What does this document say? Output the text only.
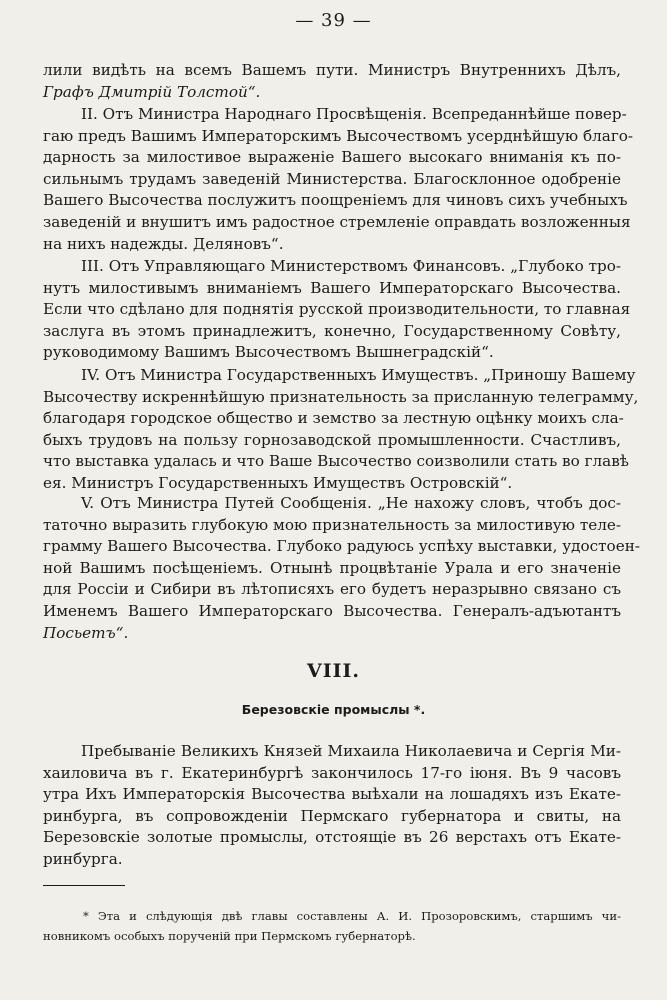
— 39 —
лили видѣть на всемъ Вашемъ пути. Министръ Внутреннихъ Дѣлъ,
Графъ Дмитрій Толстой“.
II. Отъ Министра Народнаго Просвѣщенія. Всепреданнѣйше повер-
гаю предъ Вашимъ Императорскимъ Высочествомъ усерднѣйшую благо-
дарность за милостивое выраженіе Вашего высокаго вниманія къ по-
сильнымъ трудамъ заведеній Министерства. Благосклонное одобреніе
Вашего Высочества послужитъ поощреніемъ для чиновъ сихъ учебныхъ
заведеній и внушитъ имъ радостное стремленіе оправдать возложенныя
на нихъ надежды. Деляновъ“.
III. Отъ Управляющаго Министерствомъ Финансовъ. „Глубоко тро-
нутъ милостивымъ вниманіемъ Вашего Императорскаго Высочества.
Если что сдѣлано для поднятія русской производительности, то главная
заслуга въ этомъ принадлежитъ, конечно, Государственному Совѣту,
руководимому Вашимъ Высочествомъ Вышнеградскій“.
IV. Отъ Министра Государственныхъ Имуществъ. „Приношу Вашему
Высочеству искреннѣйшую признательность за присланную телеграмму,
благодаря городское общество и земство за лестную оцѣнку моихъ сла-
быхъ трудовъ на пользу горнозаводской промышленности. Счастливъ,
что выставка удалась и что Ваше Высочество соизволили стать во главѣ
ея. Министръ Государственныхъ Имуществъ Островскій“.
V. Отъ Министра Путей Сообщенія. „Не нахожу словъ, чтобъ дос-
таточно выразить глубокую мою признательность за милостивую теле-
грамму Вашего Высочества. Глубоко радуюсь успѣху выставки, удостоен-
ной Вашимъ посѣщеніемъ. Отнынѣ процвѣтаніе Урала и его значеніе
для Россіи и Сибири въ лѣтописяхъ его будетъ неразрывно связано съ
Именемъ Вашего Императорскаго Высочества. Генералъ-адъютантъ
Посьетъ“.
VIII.
Березовскіе промыслы *.
Пребываніе Великихъ Князей Михаила Николаевича и Сергія Ми-
хаиловича въ г. Екатеринбургѣ закончилось 17-го іюня. Въ 9 часовъ
утра Ихъ Императорскія Высочества выѣхали на лошадяхъ изъ Екате-
ринбурга, въ сопровожденіи Пермскаго губернатора и свиты, на
Березовскіе золотые промыслы, отстоящіе въ 26 верстахъ отъ Екате-
ринбурга.
* Эта и слѣдующія двѣ главы составлены А. И. Прозоровскимъ, старшимъ чи-
новникомъ особыхъ порученій при Пермскомъ губернаторѣ.
